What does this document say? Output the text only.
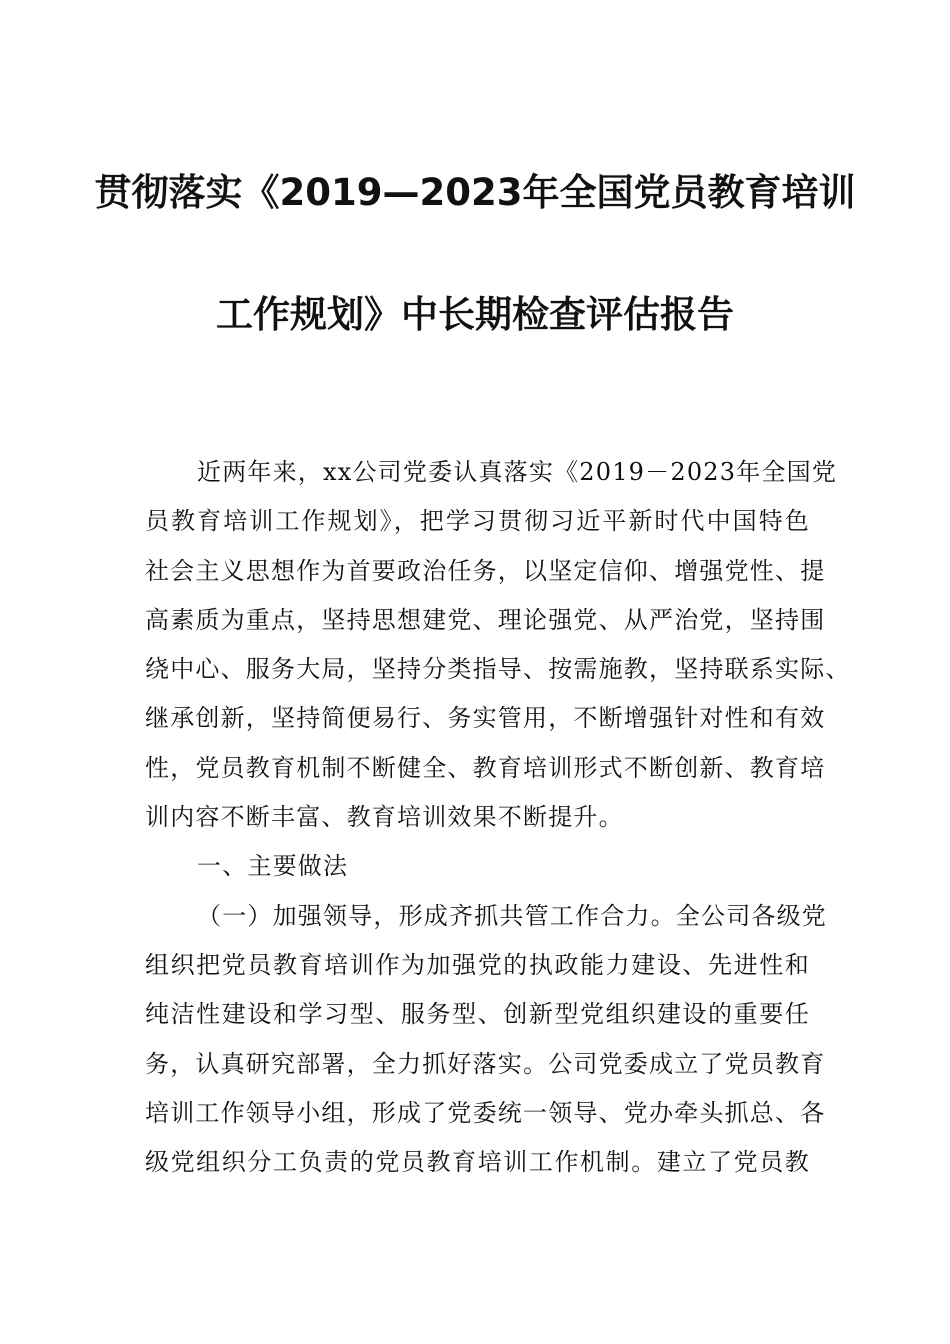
贯彻落实《2019—2023年全国党员教育培训
工作规划》中长期检查评估报告
近两年来，xx公司党委认真落实《2019－2023年全国党
员教育培训工作规划》，把学习贯彻习近平新时代中国特色
社会主义思想作为首要政治任务，以坚定信仰、增强党性、提
高素质为重点，坚持思想建党、理论强党、从严治党，坚持围
绕中心、服务大局，坚持分类指导、按需施教，坚持联系实际、
继承创新，坚持简便易行、务实管用，不断增强针对性和有效
性，党员教育机制不断健全、教育培训形式不断创新、教育培
训内容不断丰富、教育培训效果不断提升。
一、主要做法
（一）加强领导，形成齐抓共管工作合力。全公司各级党
组织把党员教育培训作为加强党的执政能力建设、先进性和
纯洁性建设和学习型、服务型、创新型党组织建设的重要任
务，认真研究部署，全力抓好落实。公司党委成立了党员教育
培训工作领导小组，形成了党委统一领导、党办牵头抓总、各
级党组织分工负责的党员教育培训工作机制。建立了党员教
